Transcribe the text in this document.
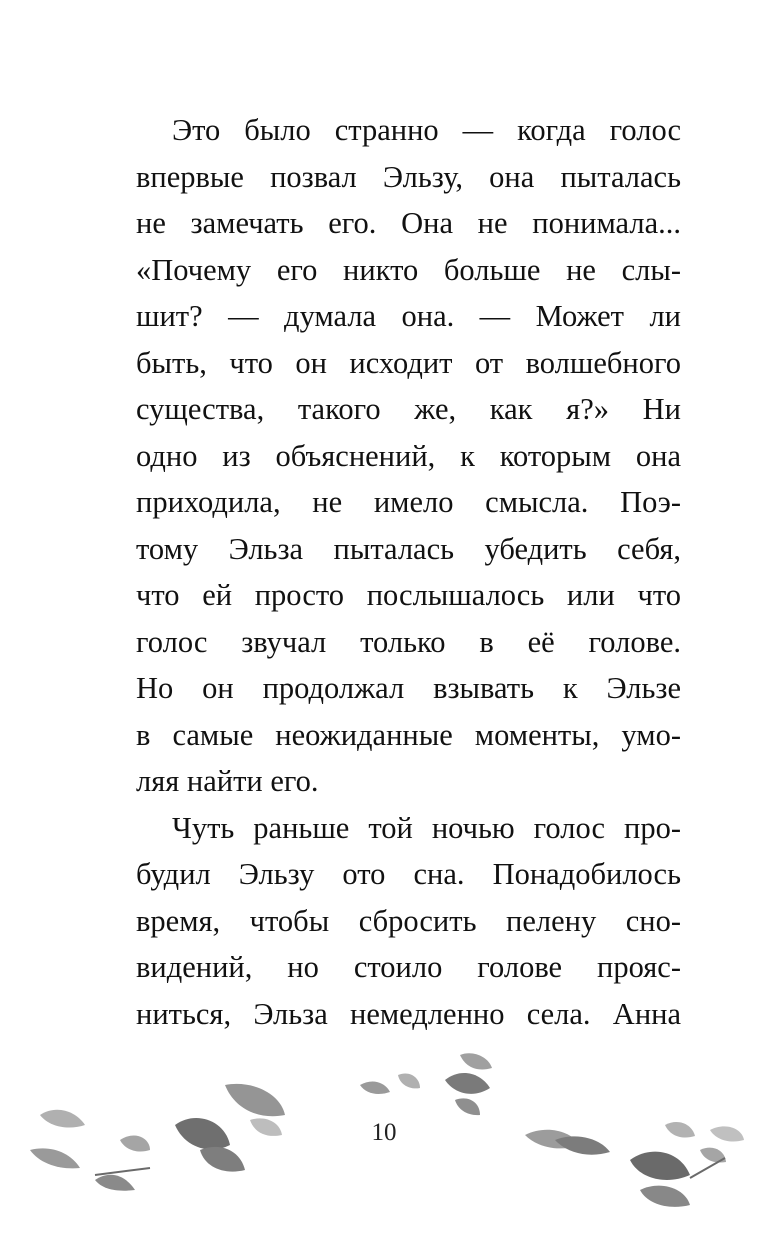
Это было странно — когда голос
впервые позвал Эльзу, она пыталась
не замечать его. Она не понимала...
«Почему его никто больше не слы-
шит? — думала она. — Может ли
быть, что он исходит от волшебного
существа, такого же, как я?» Ни
одно из объяснений, к которым она
приходила, не имело смысла. Поэ-
тому Эльза пыталась убедить себя,
что ей просто послышалось или что
голос звучал только в её голове.
Но он продолжал взывать к Эльзе
в самые неожиданные моменты, умо-
ляя найти его.
Чуть раньше той ночью голос про-
будил Эльзу ото сна. Понадобилось
время, чтобы сбросить пелену сно-
видений, но стоило голове прояс-
ниться, Эльза немедленно села. Анна
10
